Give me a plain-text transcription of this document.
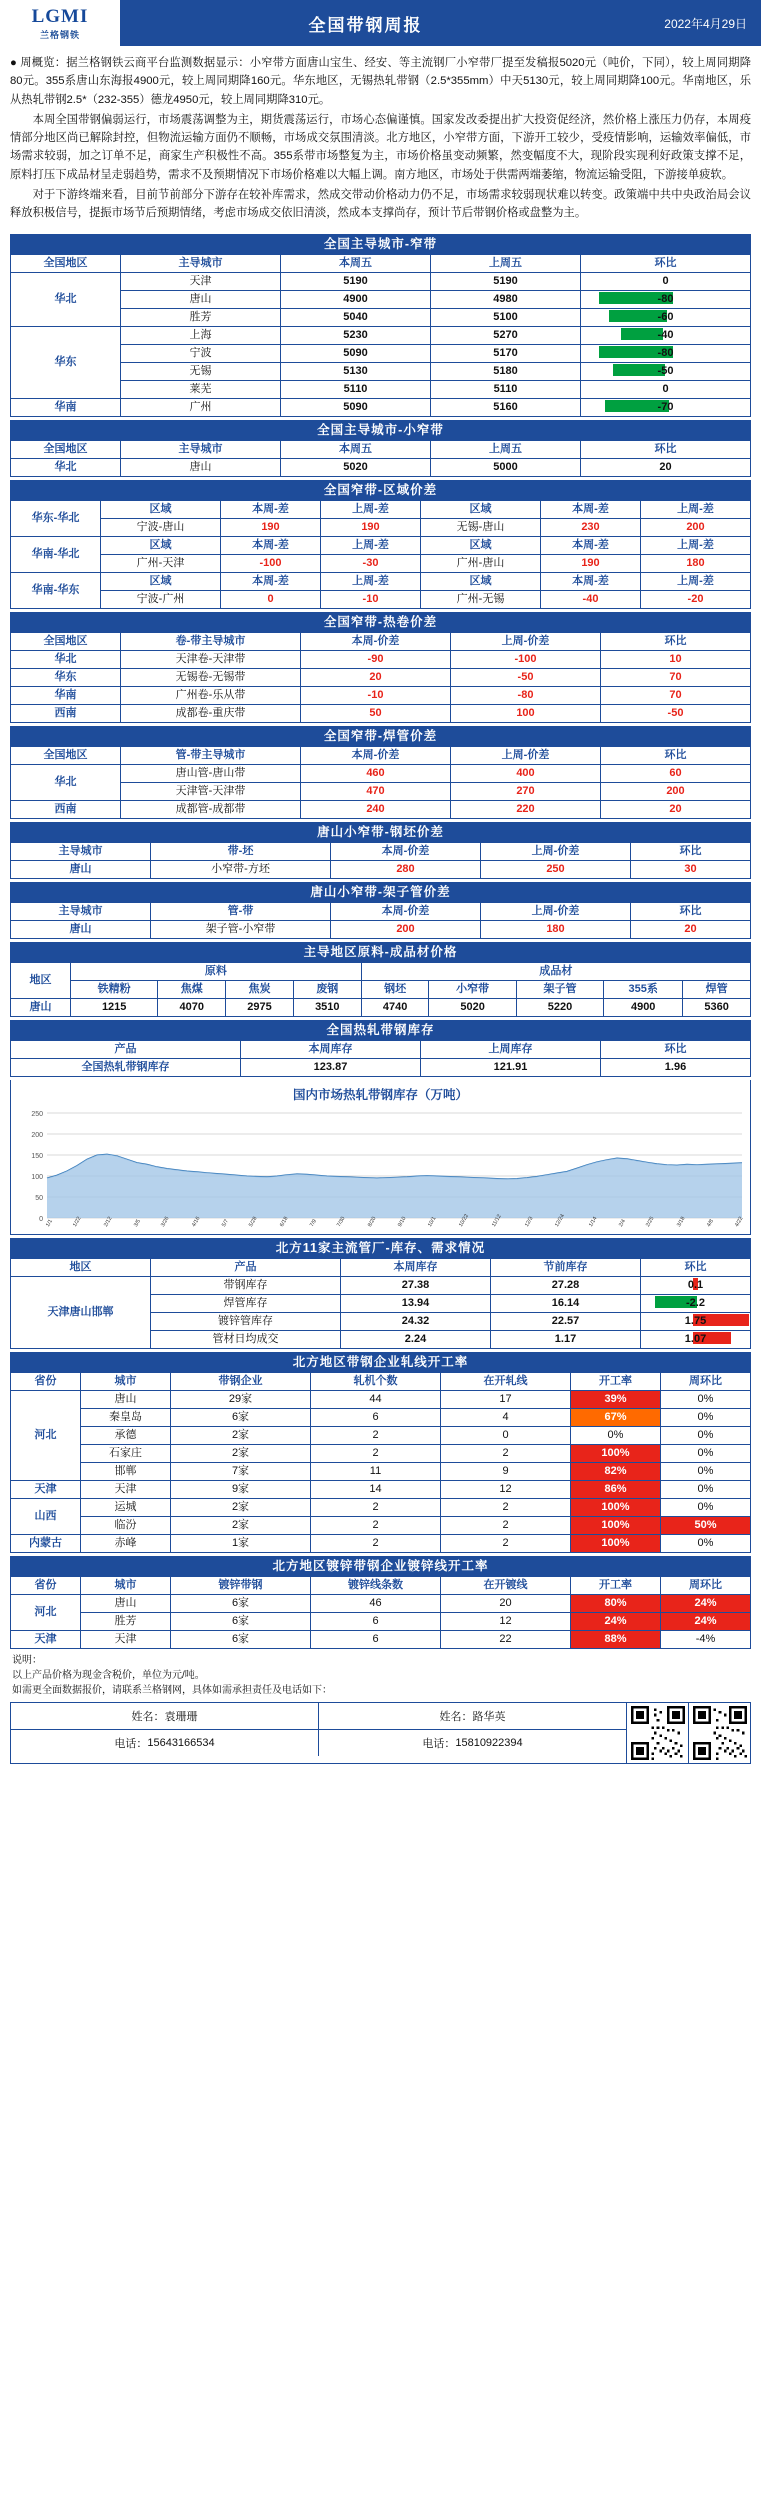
LGMI
兰格钢铁	全国带钢周报	2022年4月29日

● 周概览：据兰格钢铁云商平台监测数据显示：小窄带方面唐山宝生、经安、等主流钢厂小窄带厂提至发稿报5020元（吨价，下同），较上周同期降80元。355系唐山东海报4900元，较上周同期降160元。华东地区，无锡热轧带钢（2.5*355mm）中天5130元，较上周同期降100元。华南地区，乐从热轧带钢2.5*（232-355）德龙4950元，较上周同期降310元。

本周全国带钢偏弱运行，市场震荡调整为主，期货震荡运行，市场心态偏谨慎。国家发改委提出扩大投资促经济，然价格上涨压力仍存，本周疫情部分地区尚已解除封控，但物流运输方面仍不顺畅，市场成交氛围清淡。北方地区，小窄带方面，下游开工较少，受疫情影响，运输效率偏低，市场需求较弱，加之订单不足，商家生产积极性不高。355系带市场整复为主，市场价格虽变动频繁，然变幅度不大，现阶段实现利好政策支撑不足，原料打压下成品材呈走弱趋势，需求不及预期情况下市场价格难以大幅上调。南方地区，市场处于供需两端萎缩，物流运输受阻，下游接单疲软。

对于下游终端来看，目前节前部分下游存在较补库需求，然成交带动价格动力仍不足，市场需求较弱现状难以转变。政策端中共中央政治局会议释放积极信号，提振市场节后预期情绪，考虑市场成交依旧清淡，然成本支撑尚存，预计节后带钢价格或盘整为主。

全国主导城市-窄带				
全国地区	主导城市	本周五	上周五	环比
华北	天津	5190	5190	0
	唐山	4900	4980	-80
	胜芳	5040	5100	-60
华东	上海	5230	5270	-40
	宁波	5090	5170	-80
	无锡	5130	5180	-50
	莱芜	5110	5110	0
华南	广州	5090	5160	-70
全国主导城市-小窄带				
全国地区	主导城市	本周五	上周五	环比
华北	唐山	5020	5000	20
全国窄带-区域价差						
华东-华北	区域	本周-差	上周-差	区域	本周-差	上周-差
	宁波-唐山	190	190	无锡-唐山	230	200
华南-华北	区域	本周-差	上周-差	区域	本周-差	上周-差
	广州-天津	-100	-30	广州-唐山	190	180
华南-华东	区域	本周-差	上周-差	区域	本周-差	上周-差
	宁波-广州	0	-10	广州-无锡	-40	-20
全国窄带-热卷价差				
全国地区	卷-带主导城市	本周-价差	上周-价差	环比
华北	天津卷-天津带	-90	-100	10
华东	无锡卷-无锡带	20	-50	70
华南	广州卷-乐从带	-10	-80	70
西南	成都卷-重庆带	50	100	-50
全国窄带-焊管价差				
全国地区	管-带主导城市	本周-价差	上周-价差	环比
华北	唐山管-唐山带	460	400	60
	天津管-天津带	470	270	200
西南	成都管-成都带	240	220	20
唐山小窄带-钢坯价差				
主导城市	带-坯	本周-价差	上周-价差	环比
唐山	小窄带-方坯	280	250	30
唐山小窄带-架子管价差				
主导城市	管-带	本周-价差	上周-价差	环比
唐山	架子管-小窄带	200	180	20
主导地区原料-成品材价格									
地区	原料				成品材				
	铁精粉	焦煤	焦炭	废钢	钢坯	小窄带	架子管	355系	焊管
唐山	1215	4070	2975	3510	4740	5020	5220	4900	5360
全国热轧带钢库存			
产品	本周库存	上周库存	环比
全国热轧带钢库存	123.87	121.91	1.96
国内市场热轧带钢库存（万吨）
250
200
150
100
50
0 1/1	1/22	2/12	3/5	3/26	4/16	5/7	5/28	6/18	7/9	7/30	8/20	9/10	10/1	10/22	11/12	12/3	12/24	1/14	2/4	2/25	3/18	4/8	4/22
北方11家主流管厂-库存、需求情况				
地区	产品	本周库存	节前库存	环比
天津唐山邯郸	带钢库存	27.38	27.28	0.1
	焊管库存	13.94	16.14	-2.2
	镀锌管库存	24.32	22.57	1.75
	管材日均成交	2.24	1.17	1.07
北方地区带钢企业轧线开工率						
省份	城市	带钢企业	轧机个数	在开轧线	开工率	周环比
河北	唐山	29家	44	17	39%	0%
	秦皇岛	6家	6	4	67%	0%
	承德	2家	2	0	0%	0%
	石家庄	2家	2	2	100%	0%
	邯郸	7家	11	9	82%	0%
天津	天津	9家	14	12	86%	0%
山西	运城	2家	2	2	100%	0%
	临汾	2家	2	2	100%	50%
内蒙古	赤峰	1家	2	2	100%	0%
北方地区镀锌带钢企业镀锌线开工率						
省份	城市	镀锌带钢	镀锌线条数	在开镀线	开工率	周环比
河北	唐山	6家	46	20	80%	24%
	胜芳	6家	6	12	24%	24%
天津	天津	6家	6	22	88%	-4%
说明：
以上产品价格为现金含税价，单位为元/吨。
如需更全面数据报价，请联系兰格钢网，具体如需承担责任及电话如下：
姓名： 袁珊珊	姓名： 路华英
电话： 15643166534	电话： 15810922394
